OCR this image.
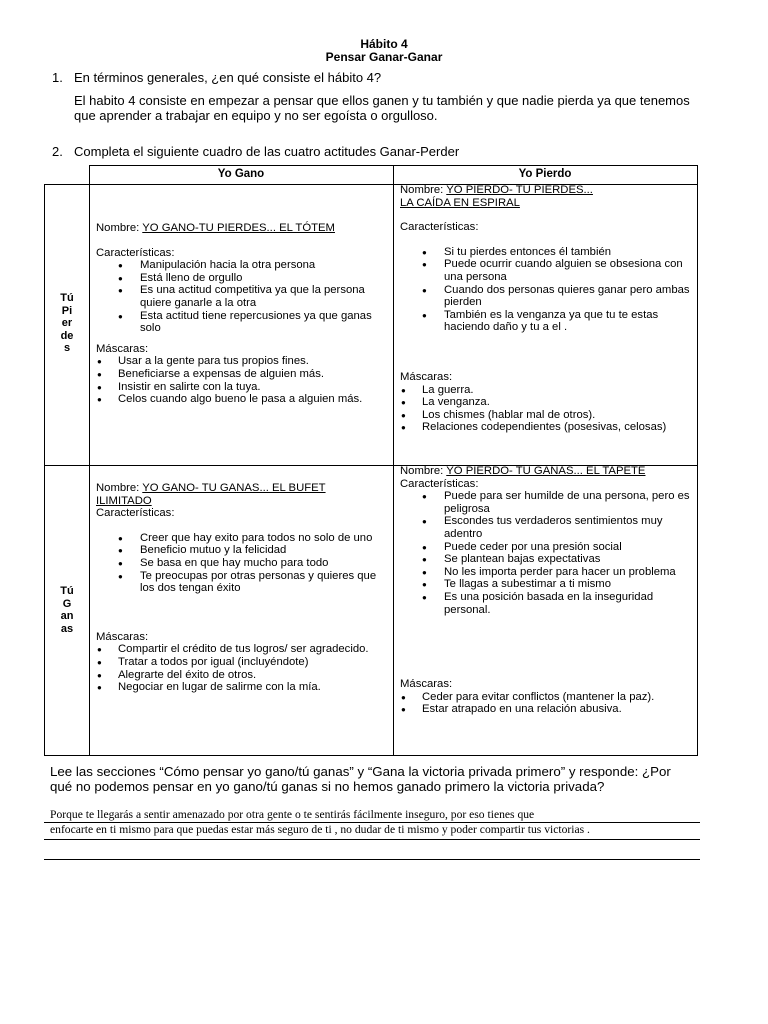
Hábito 4
Pensar Ganar-Ganar
1. En términos generales, ¿en qué consiste el hábito 4?
El habito 4 consiste en empezar a pensar que ellos ganen y tu también y que nadie pierda ya que tenemos que aprender a trabajar en equipo y no ser egoísta o orgulloso.
2. Completa el siguiente cuadro de las cuatro actitudes Ganar-Perder
Yo Gano	Yo Pierdo
Tú
Pi
er
de
s
Tú
G
an
as

Nombre: YO GANO-TU PIERDES... EL TÓTEM

Características:

● Manipulación hacia la otra persona
● Está lleno de orgullo
● Es una actitud competitiva ya que la persona quiere ganarle a la otra
● Esta actitud tiene repercusiones ya que ganas solo

Máscaras:

● Usar a la gente para tus propios fines.
● Beneficiarse a expensas de alguien más.
● Insistir en salirte con la tuya.
● Celos cuando algo bueno le pasa a alguien más.

Nombre: YO PIERDO- TU PIERDES...

LA CAÍDA EN ESPIRAL

Características:

● Si tu pierdes entonces él también
● Puede ocurrir cuando alguien se obsesiona con una persona
● Cuando dos personas quieres ganar pero ambas pierden
● También es la venganza ya que tu te estas haciendo daño y tu a el .

Máscaras:

● La guerra.
● La venganza.
● Los chismes (hablar mal de otros).
● Relaciones codependientes (posesivas, celosas)

Nombre: YO GANO- TU GANAS... EL BUFET

ILIMITADO

Características:

● Creer que hay exito para todos no solo de uno
● Beneficio mutuo y la felicidad
● Se basa en que hay mucho para todo
● Te preocupas por otras personas y quieres que los dos tengan éxito

Máscaras:

● Compartir el crédito de tus logros/ ser agradecido.
● Tratar a todos por igual (incluyéndote)
● Alegrarte del éxito de otros.
● Negociar en lugar de salirme con la mía.

Nombre: YO PIERDO- TU GANAS... EL TAPETE

Características:

● Puede para ser humilde de una persona, pero es peligrosa
● Escondes tus verdaderos sentimientos muy adentro
● Puede ceder por una presión social
● Se plantean bajas expectativas
● No les importa perder para hacer un problema
● Te llagas a subestimar a ti mismo
● Es una posición basada en la inseguridad personal.

Máscaras:

● Ceder para evitar conflictos (mantener la paz).
● Estar atrapado en una relación abusiva.
Lee las secciones “Cómo pensar yo gano/tú ganas” y “Gana la victoria privada primero” y responde: ¿Por qué no podemos pensar en yo gano/tú ganas si no hemos ganado primero la victoria privada?
Porque te llegarás a sentir amenazado por otra gente o te sentirás fácilmente inseguro, por eso tienes que
enfocarte en ti mismo para que puedas estar más seguro de ti , no dudar de ti mismo y poder compartir tus victorias .
